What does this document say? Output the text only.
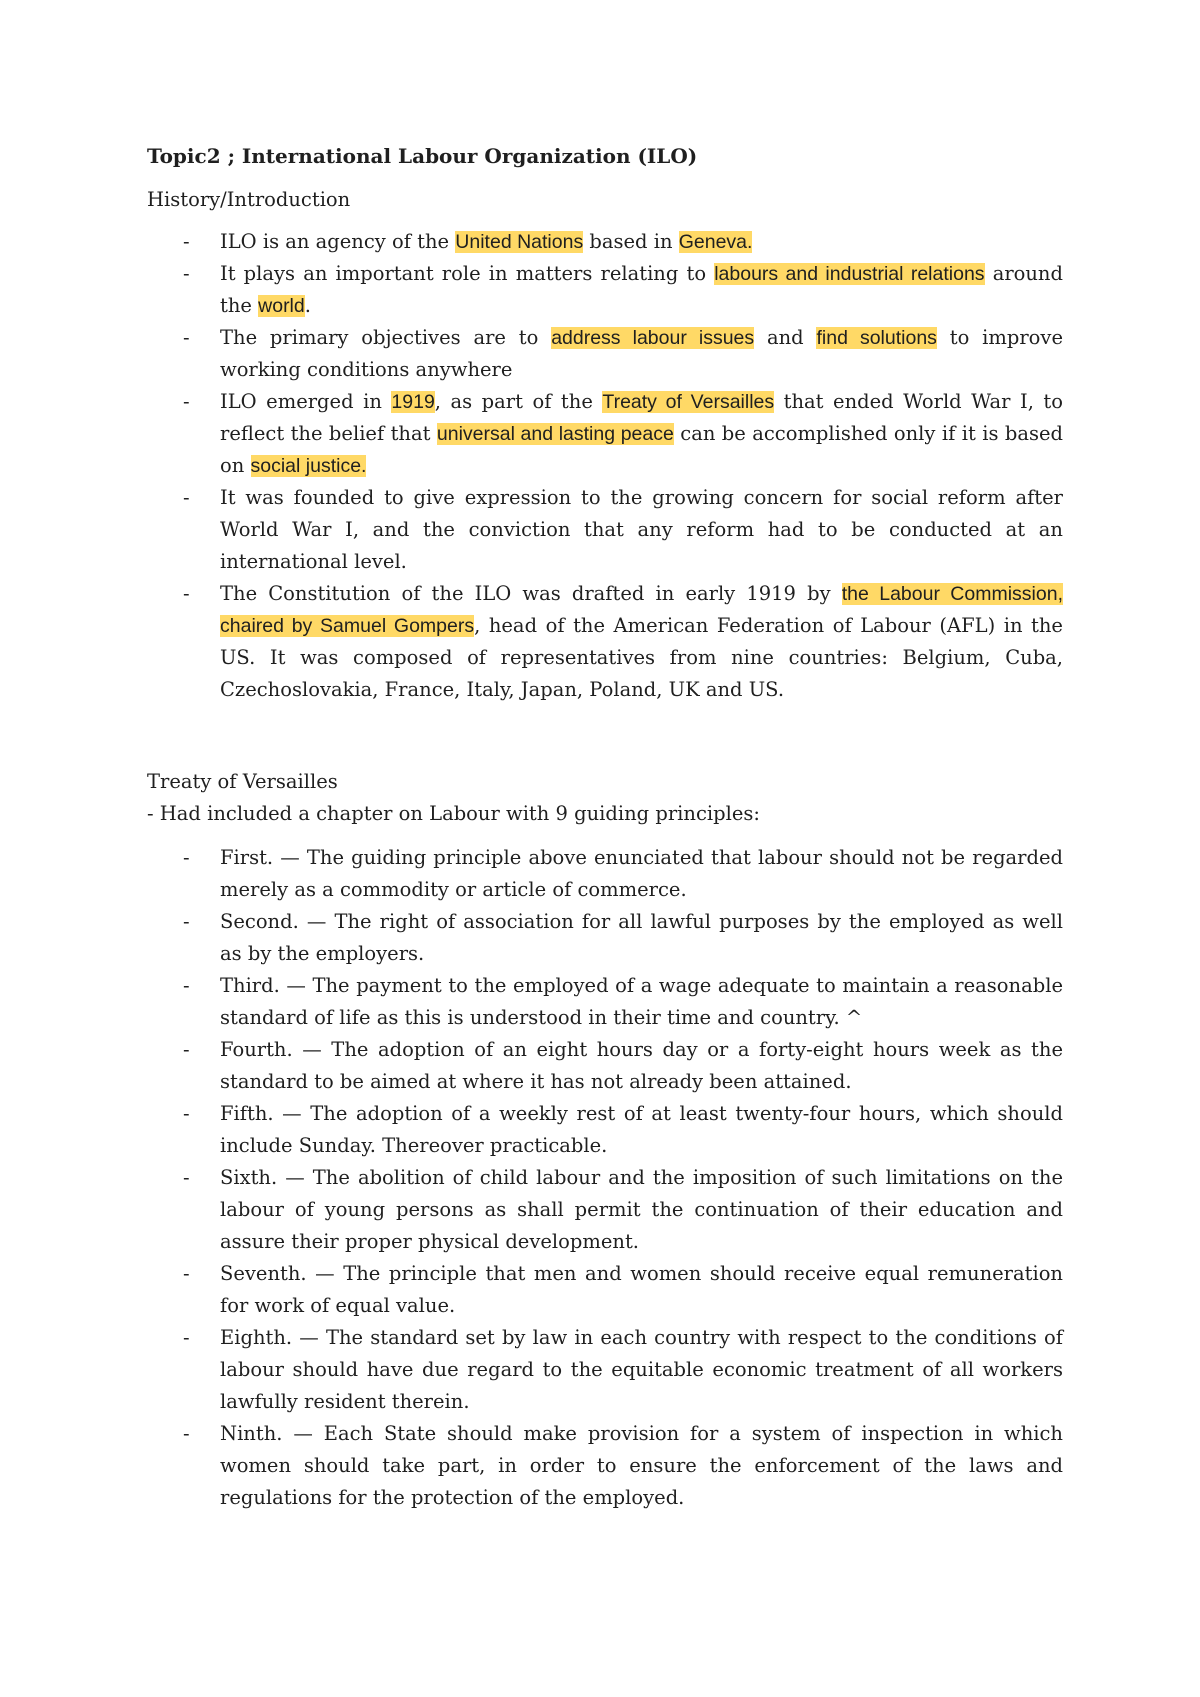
Topic2 ; International Labour Organization (ILO)
History/Introduction
- ILO is an agency of the United Nations based in Geneva.
- It plays an important role in matters relating to labours and industrial relations around the world.
- The primary objectives are to address labour issues and find solutions to improve working conditions anywhere
- ILO emerged in 1919, as part of the Treaty of Versailles that ended World War I, to reflect the belief that universal and lasting peace can be accomplished only if it is based on social justice.
- It was founded to give expression to the growing concern for social reform after World War I, and the conviction that any reform had to be conducted at an international level.
- The Constitution of the ILO was drafted in early 1919 by the Labour Commission, chaired by Samuel Gompers, head of the American Federation of Labour (AFL) in the US. It was composed of representatives from nine countries: Belgium, Cuba, Czechoslovakia, France, Italy, Japan, Poland, UK and US.
Treaty of Versailles
- Had included a chapter on Labour with 9 guiding principles:
- First. — The guiding principle above enunciated that labour should not be regarded merely as a commodity or article of commerce.
- Second. — The right of association for all lawful purposes by the employed as well as by the employers.
- Third. — The payment to the employed of a wage adequate to maintain a reasonable standard of life as this is understood in their time and country. ^
- Fourth. — The adoption of an eight hours day or a forty-eight hours week as the standard to be aimed at where it has not already been attained.
- Fifth. — The adoption of a weekly rest of at least twenty-four hours, which should include Sunday. Thereover practicable.
- Sixth. — The abolition of child labour and the imposition of such limitations on the labour of young persons as shall permit the continuation of their education and assure their proper physical development.
- Seventh. — The principle that men and women should receive equal remuneration for work of equal value.
- Eighth. — The standard set by law in each country with respect to the conditions of labour should have due regard to the equitable economic treatment of all workers lawfully resident therein.
- Ninth. — Each State should make provision for a system of inspection in which women should take part, in order to ensure the enforcement of the laws and regulations for the protection of the employed.
